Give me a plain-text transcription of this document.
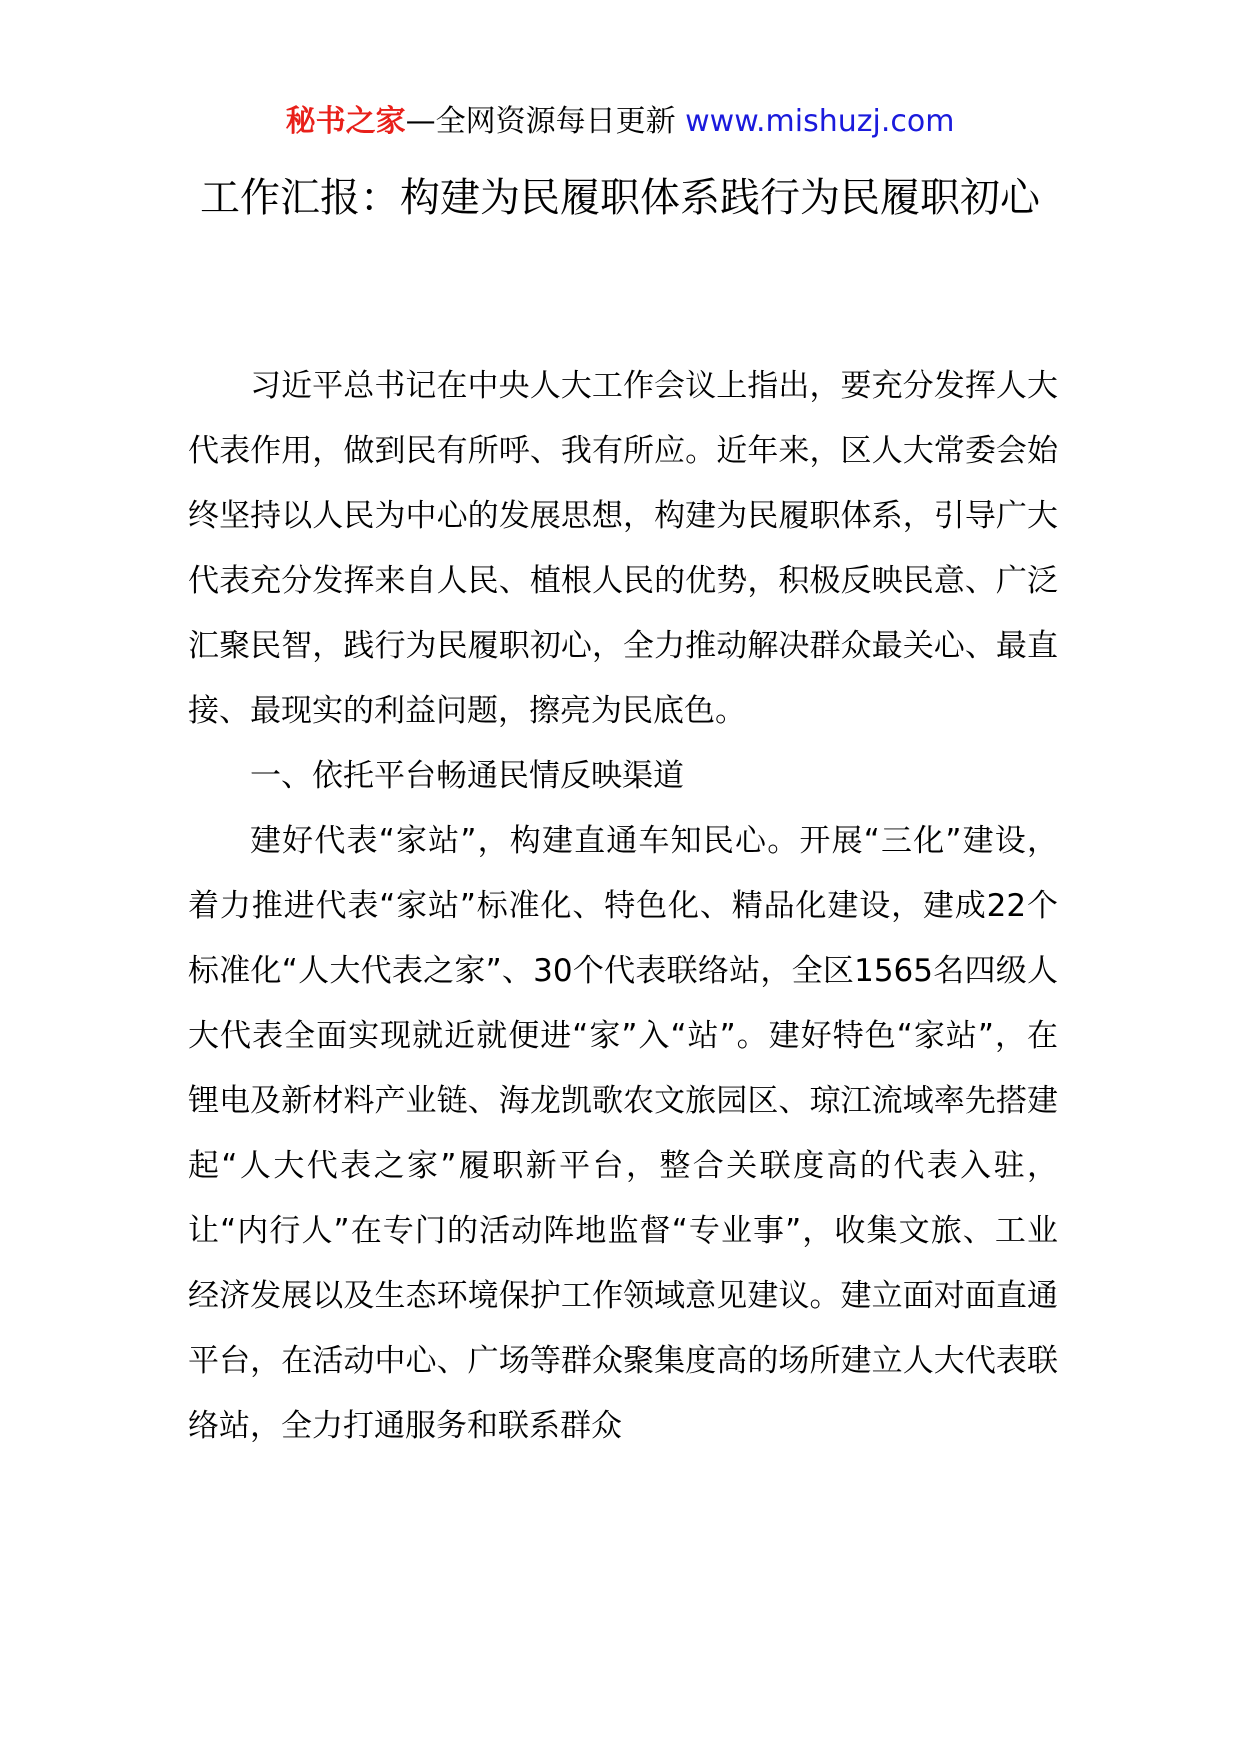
秘书之家—全网资源每日更新 www.mishuzj.com
工作汇报：构建为民履职体系践行为民履职初心

习近平总书记在中央人大工作会议上指出，要充分发挥人大代表作用，做到民有所呼、我有所应。近年来，区人大常委会始终坚持以人民为中心的发展思想，构建为民履职体系，引导广大代表充分发挥来自人民、植根人民的优势，积极反映民意、广泛汇聚民智，践行为民履职初心，全力推动解决群众最关心、最直接、最现实的利益问题，擦亮为民底色。

一、依托平台畅通民情反映渠道

建好代表“家站”，构建直通车知民心。开展“三化”建设，着力推进代表“家站”标准化、特色化、精品化建设，建成22个标准化“人大代表之家”、30个代表联络站，全区1565名四级人大代表全面实现就近就便进“家”入“站”。建好特色“家站”，在锂电及新材料产业链、海龙凯歌农文旅园区、琼江流域率先搭建起“人大代表之家”履职新平台，整合关联度高的代表入驻，让“内行人”在专门的活动阵地监督“专业事”，收集文旅、工业经济发展以及生态环境保护工作领域意见建议。建立面对面直通平台，在活动中心、广场等群众聚集度高的场所建立人大代表联络站，全力打通服务和联系群众
